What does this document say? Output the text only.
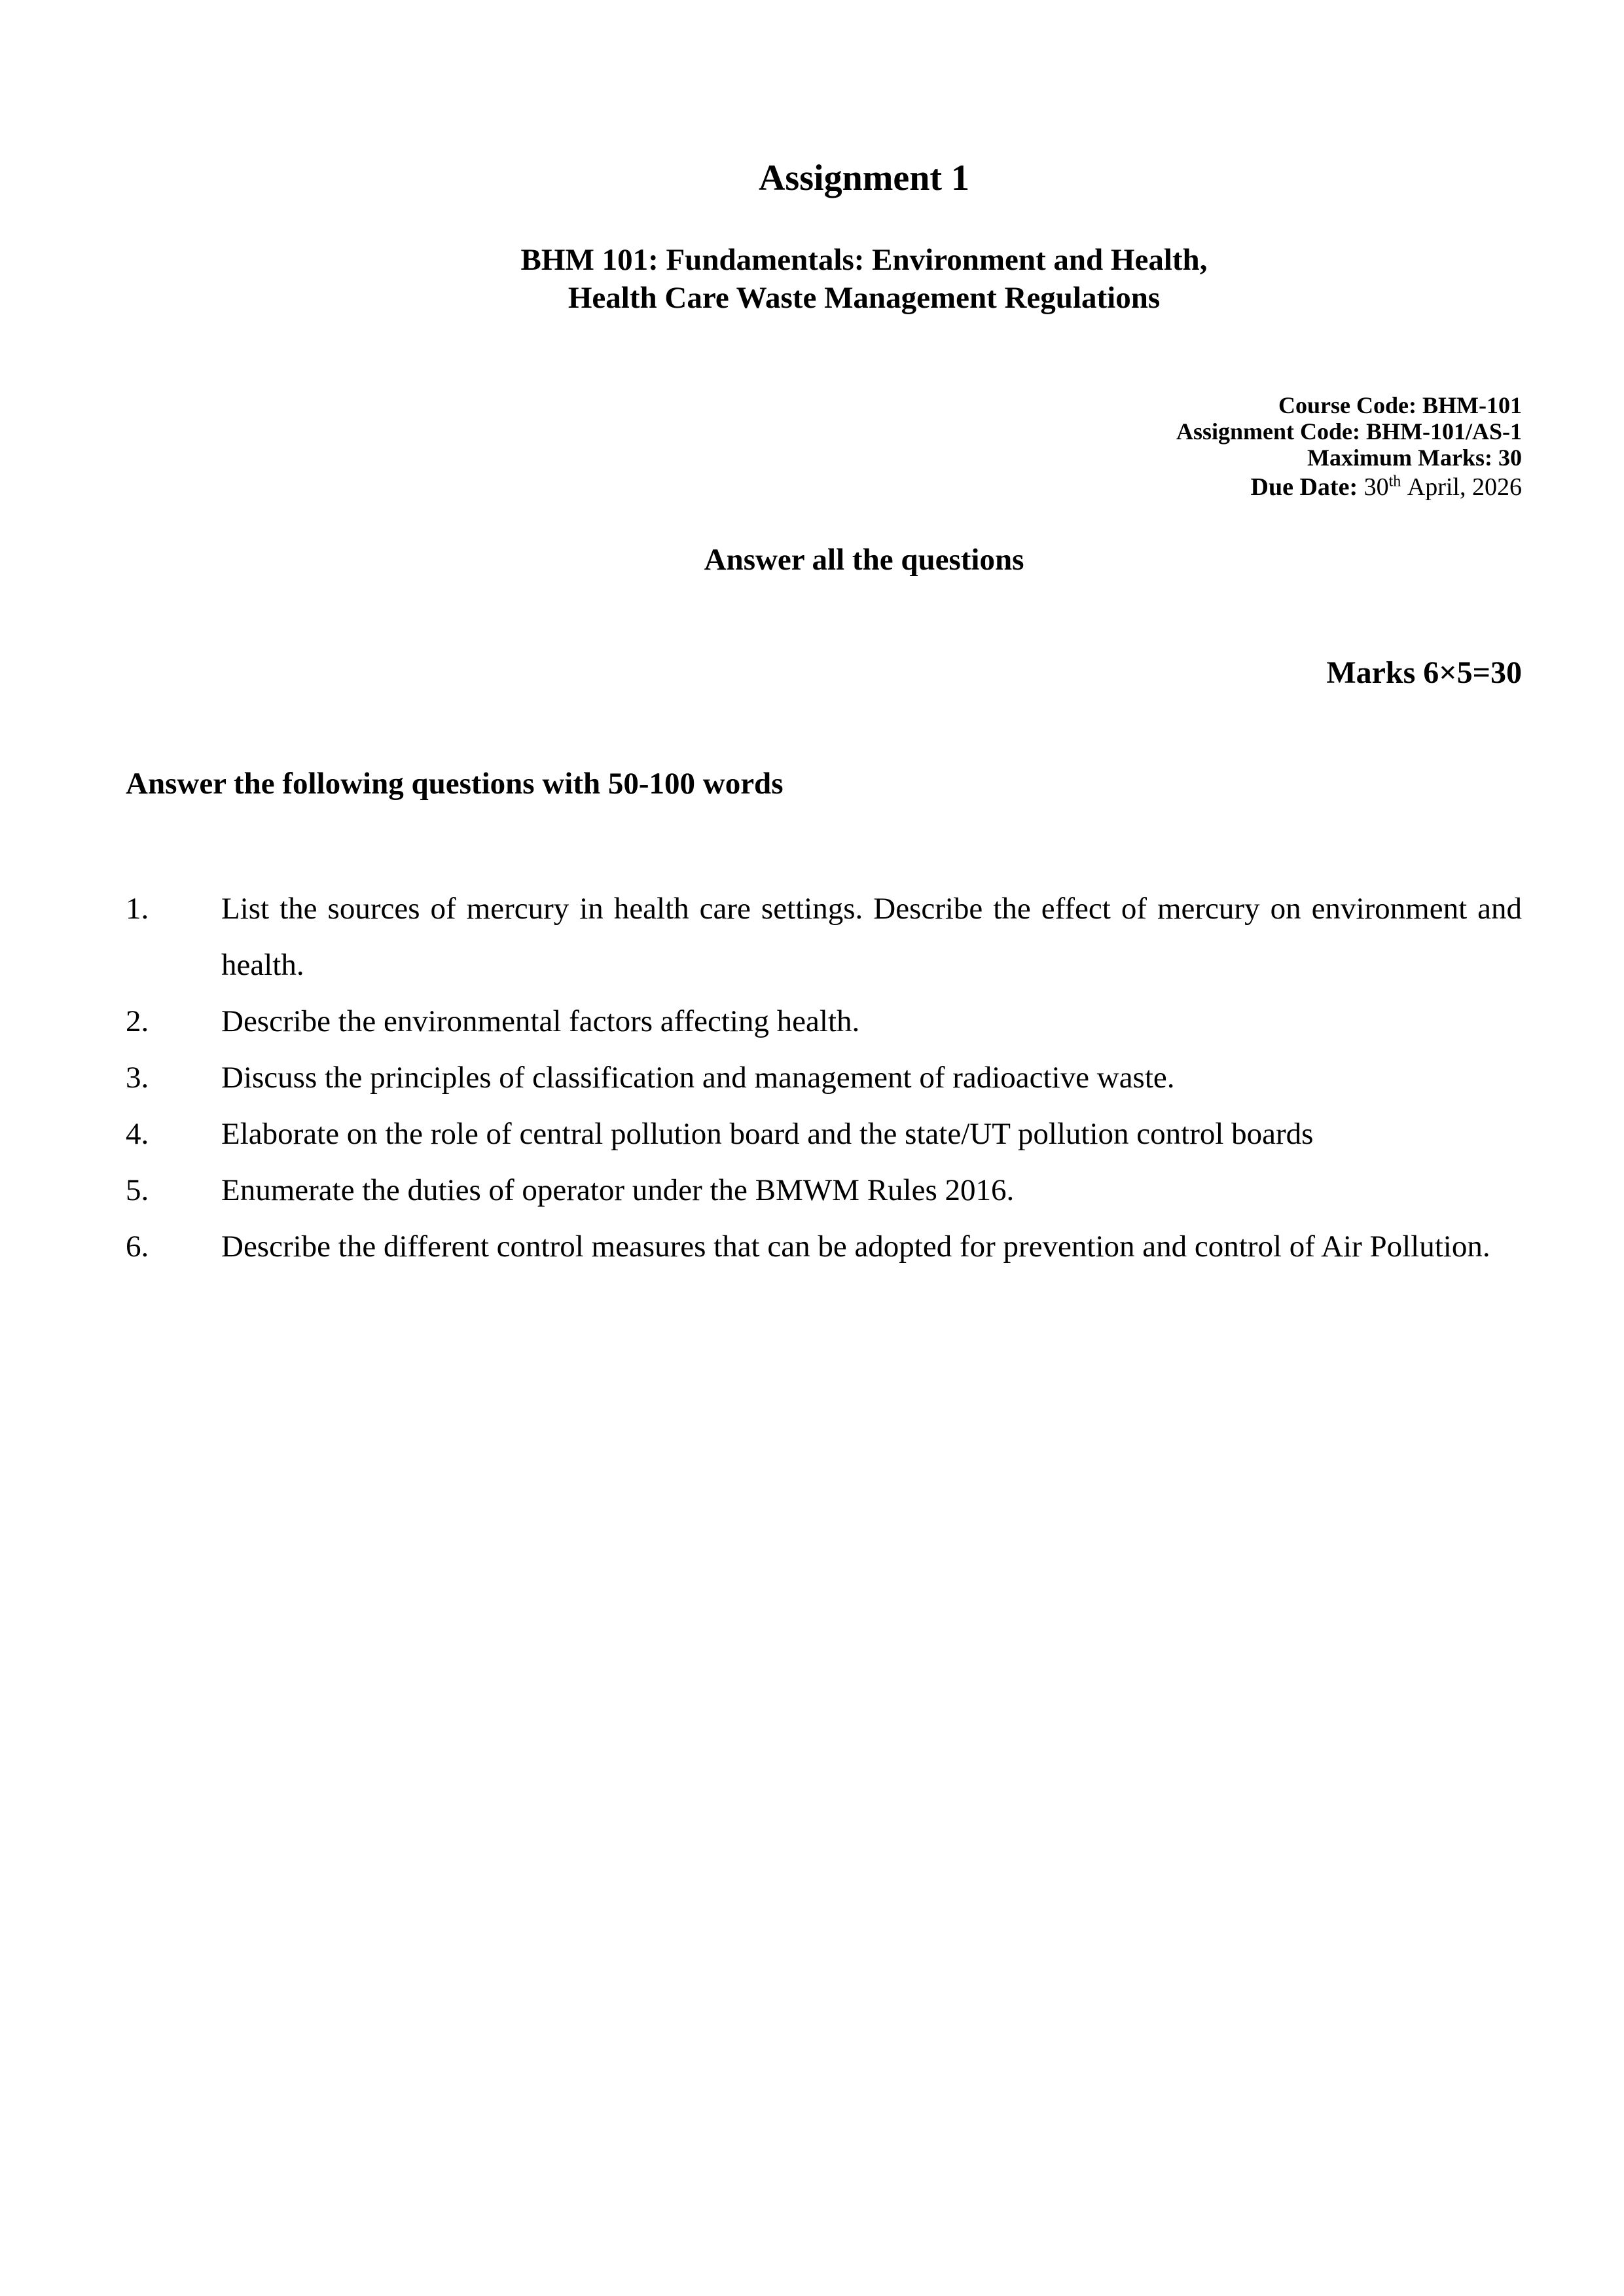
Assignment 1
BHM 101: Fundamentals: Environment and Health,
Health Care Waste Management Regulations
Course Code: BHM-101
Assignment Code: BHM-101/AS-1
Maximum Marks: 30
Due Date: 30th April, 2026
Answer all the questions
Marks 6×5=30
Answer the following questions with 50-100 words
1.	List the sources of mercury in health care settings. Describe the effect of mercury on environment and health.
2.	Describe the environmental factors affecting health.
3.	Discuss the principles of classification and management of radioactive waste.
4.	Elaborate on the role of central pollution board and the state/UT pollution control boards
5.	Enumerate the duties of operator under the BMWM Rules 2016.
6.	Describe the different control measures that can be adopted for prevention and control of Air Pollution.
